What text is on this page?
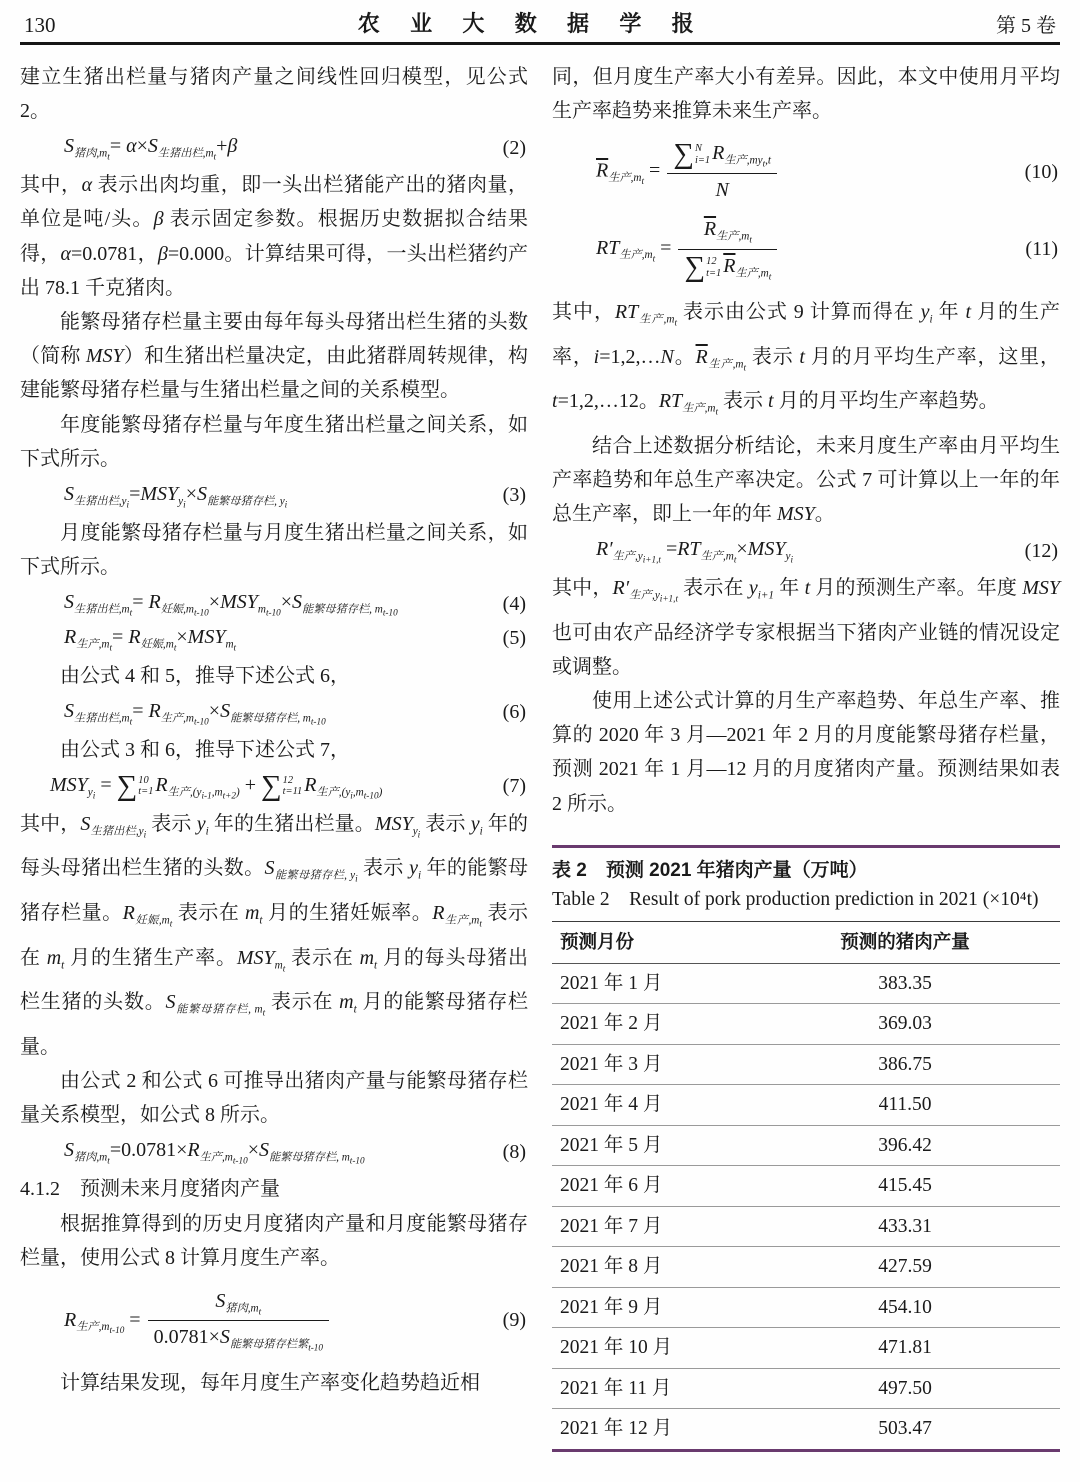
130	农 业 大 数 据 学 报	第 5 卷

建立生猪出栏量与猪肉产量之间线性回归模型，见公式 2。

$S_{猪肉,mt}= \alpha\times S_{生猪出栏,mt}+\beta$	(2)

其中，α 表示出肉均重，即一头出栏猪能产出的猪肉量，单位是吨/头。β 表示固定参数。根据历史数据拟合结果得，α=0.0781，β=0.000。计算结果可得，一头出栏猪约产出 78.1 千克猪肉。

能繁母猪存栏量主要由每年每头母猪出栏生猪的头数（简称 MSY）和生猪出栏量决定，由此猪群周转规律，构建能繁母猪存栏量与生猪出栏量之间的关系模型。

年度能繁母猪存栏量与年度生猪出栏量之间关系，如下式所示。

$S_{生猪出栏,yi}=MSY_{yi}\times S_{能繁母猪存栏, yi}$	(3)

月度能繁母猪存栏量与月度生猪出栏量之间关系，如下式所示。

$S_{生猪出栏,mt}= R_{妊娠,mt-10}\times MSY_{mt-10}\times S_{能繁母猪存栏, mt-10}$	(4)
$R_{生产,mt}= R_{妊娠,mt}\times MSY_{mt}$	(5)

由公式 4 和 5，推导下述公式 6，

$S_{生猪出栏,mt}= R_{生产,mt-10}\times S_{能繁母猪存栏, mt-10}$	(6)

由公式 3 和 6，推导下述公式 7，

$MSY_{yi}$ = ∑ 10
t=1 $R_{生产,(yi-1,mt+2)}$ + ∑ 12
t=11 $R_{生产,(yi,mt-10)}$	(7)

其中，$S_{生猪出栏,yi}$ 表示 $y_i$ 年的生猪出栏量。$MSY_{yi}$ 表示 $y_i$ 年的每头母猪出栏生猪的头数。$S_{能繁母猪存栏, yi}$ 表示 $y_i$ 年的能繁母猪存栏量。$R_{妊娠,mt}$ 表示在 $m_t$ 月的生猪妊娠率。$R_{生产,mt}$ 表示在 $m_t$ 月的生猪生产率。$MSY_{mt}$ 表示在 $m_t$ 月的每头母猪出栏生猪的头数。$S_{能繁母猪存栏, mt}$ 表示在 $m_t$ 月的能繁母猪存栏量。

由公式 2 和公式 6 可推导出猪肉产量与能繁母猪存栏量关系模型，如公式 8 所示。

$S_{猪肉,mt}=0.0781\times R_{生产,mt-10}\times S_{能繁母猪存栏, mt-10}$	(8)

4.1.2　预测未来月度猪肉产量

根据推算得到的历史月度猪肉产量和月度能繁母猪存栏量，使用公式 8 计算月度生产率。

$R_{生产,mt-10}$ =
$S_{猪肉,mt}$
$0.0781\times S_{能繁母猪存栏繁t-10}$
(9)

计算结果发现，每年月度生产率变化趋势趋近相

同，但月度生产率大小有差异。因此，本文中使用月平均生产率趋势来推算未来生产率。

$\overline{R}_{生产,mt}$ =
∑ N
i=1 $R_{生产,myt,t}$
N
(10)
$RT_{生产,mt}$ =
$\overline{R}_{生产,mt}$
∑ 12
t=1 $\overline{R}_{生产,mt}$
(11)

其中，$RT_{生产,mt}$ 表示由公式 9 计算而得在 $y_i$ 年 t 月的生产率，i=1,2,…N。$\overline{R}_{生产,mt}$ 表示 t 月的月平均生产率，这里，t=1,2,…12。$RT_{生产,mt}$ 表示 t 月的月平均生产率趋势。

结合上述数据分析结论，未来月度生产率由月平均生产率趋势和年总生产率决定。公式 7 可计算以上一年的年总生产率，即上一年的年 MSY。

$R'_{生产,yi+1,t} =RT_{生产,mt}\times MSY_{yi}$	(12)

其中，$R'_{生产,yi+1,t}$ 表示在 $y_{i+1}$ 年 t 月的预测生产率。年度 MSY 也可由农产品经济学专家根据当下猪肉产业链的情况设定或调整。

使用上述公式计算的月生产率趋势、年总生产率、推算的 2020 年 3 月—2021 年 2 月的月度能繁母猪存栏量，预测 2021 年 1 月—12 月的月度猪肉产量。预测结果如表 2 所示。

表 2　预测 2021 年猪肉产量（万吨）

Table 2　Result of pork production prediction in 2021 (×10⁴t)

预测月份	预测的猪肉产量
2021 年 1 月	383.35
2021 年 2 月	369.03
2021 年 3 月	386.75
2021 年 4 月	411.50
2021 年 5 月	396.42
2021 年 6 月	415.45
2021 年 7 月	433.31
2021 年 8 月	427.59
2021 年 9 月	454.10
2021 年 10 月	471.81
2021 年 11 月	497.50
2021 年 12 月	503.47
